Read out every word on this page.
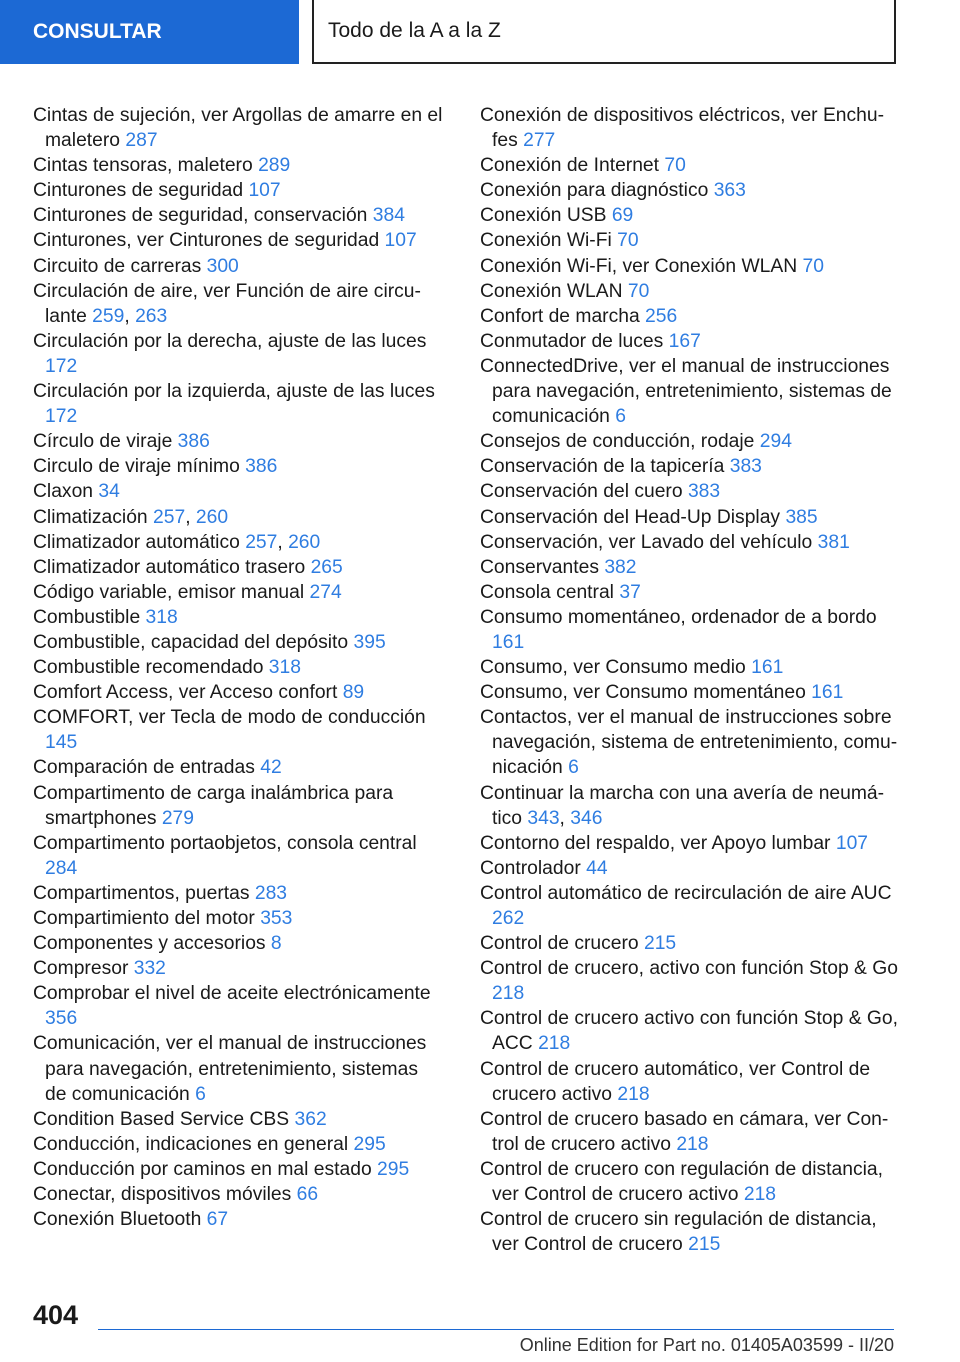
CONSULTAR	Todo de la A a la Z

Cintas de sujeción, ver Argollas de amarre en el maletero 287

Cintas tensoras, maletero 289

Cinturones de seguridad 107

Cinturones de seguridad, conservación 384

Cinturones, ver Cinturones de seguridad 107

Circuito de carreras 300

Circulación de aire, ver Función de aire circulante 259, 263

Circulación por la derecha, ajuste de las luces 172

Circulación por la izquierda, ajuste de las luces 172

Círculo de viraje 386

Circulo de viraje mínimo 386

Claxon 34

Climatización 257, 260

Climatizador automático 257, 260

Climatizador automático trasero 265

Código variable, emisor manual 274

Combustible 318

Combustible, capacidad del depósito 395

Combustible recomendado 318

Comfort Access, ver Acceso confort 89

COMFORT, ver Tecla de modo de conducción 145

Comparación de entradas 42

Compartimento de carga inalámbrica para smartphones 279

Compartimento portaobjetos, consola central 284

Compartimentos, puertas 283

Compartimiento del motor 353

Componentes y accesorios 8

Compresor 332

Comprobar el nivel de aceite electrónicamente 356

Comunicación, ver el manual de instrucciones para navegación, entretenimiento, sistemas de comunicación 6

Condition Based Service CBS 362

Conducción, indicaciones en general 295

Conducción por caminos en mal estado 295

Conectar, dispositivos móviles 66

Conexión Bluetooth 67

Conexión de dispositivos eléctricos, ver Enchufes 277

Conexión de Internet 70

Conexión para diagnóstico 363

Conexión USB 69

Conexión Wi-Fi 70

Conexión Wi-Fi, ver Conexión WLAN 70

Conexión WLAN 70

Confort de marcha 256

Conmutador de luces 167

ConnectedDrive, ver el manual de instrucciones para navegación, entretenimiento, sistemas de comunicación 6

Consejos de conducción, rodaje 294

Conservación de la tapicería 383

Conservación del cuero 383

Conservación del Head-Up Display 385

Conservación, ver Lavado del vehículo 381

Conservantes 382

Consola central 37

Consumo momentáneo, ordenador de a bordo 161

Consumo, ver Consumo medio 161

Consumo, ver Consumo momentáneo 161

Contactos, ver el manual de instrucciones sobre navegación, sistema de entretenimiento, comunicación 6

Continuar la marcha con una avería de neumático 343, 346

Contorno del respaldo, ver Apoyo lumbar 107

Controlador 44

Control automático de recirculación de aire AUC 262

Control de crucero 215

Control de crucero, activo con función Stop & Go 218

Control de crucero activo con función Stop & Go, ACC 218

Control de crucero automático, ver Control de crucero activo 218

Control de crucero basado en cámara, ver Control de crucero activo 218

Control de crucero con regulación de distancia, ver Control de crucero activo 218

Control de crucero sin regulación de distancia, ver Control de crucero 215

404
Online Edition for Part no. 01405A03599 - II/20
